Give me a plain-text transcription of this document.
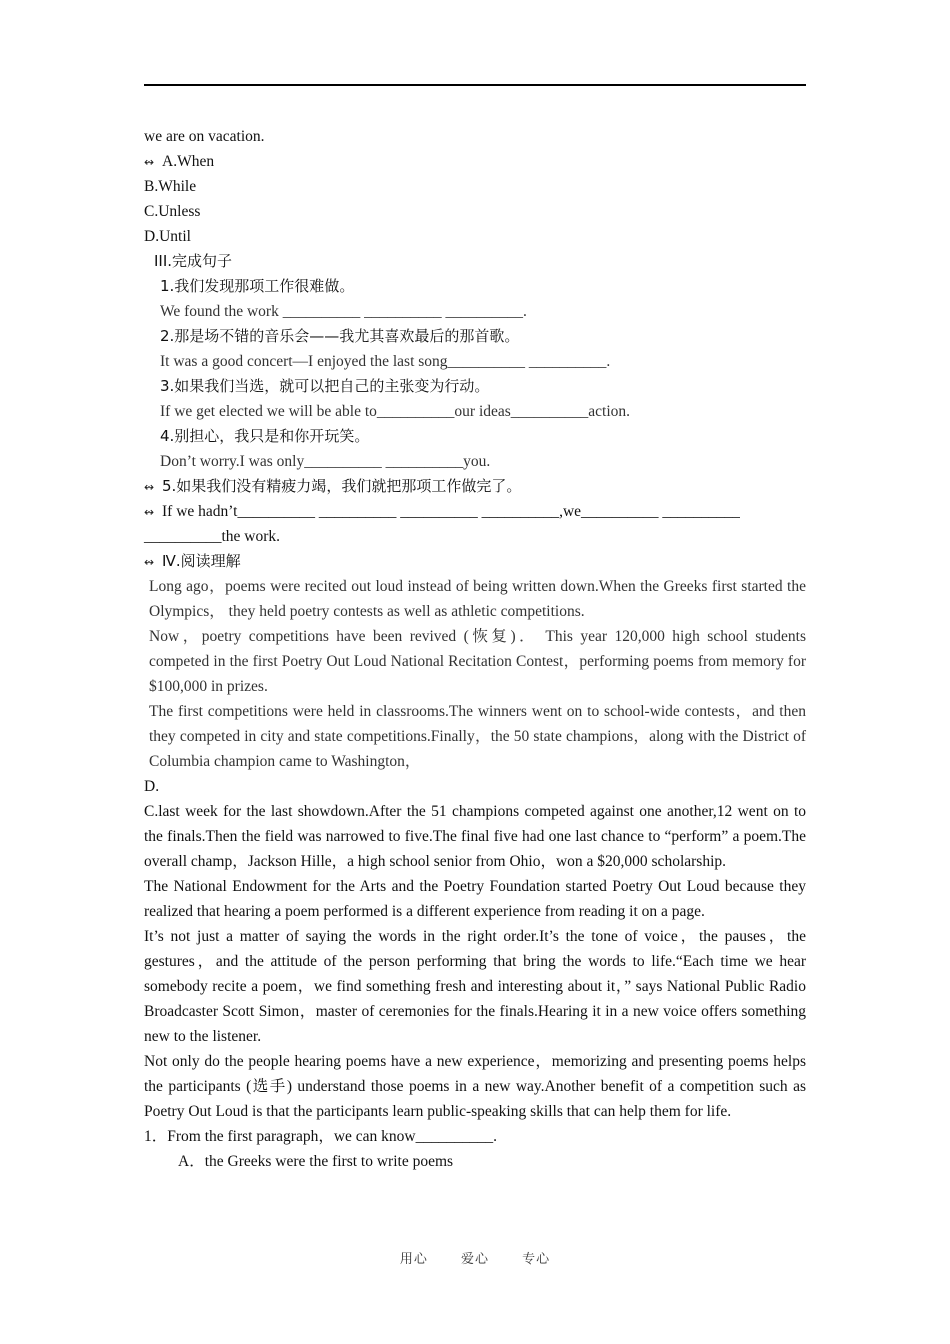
we are on vacation.
↭ A.When
B.While
C.Unless
D.Until
III.完成句子
1.我们发现那项工作很难做。
We found the work __________ __________ __________.
2.那是场不错的音乐会——我尤其喜欢最后的那首歌。
It was a good concert—I enjoyed the last song__________ __________.
3.如果我们当选，就可以把自己的主张变为行动。
If we get elected we will be able to__________our ideas__________action.
4.别担心，我只是和你开玩笑。
Don’t worry.I was only__________ __________you.
↭ 5.如果我们没有精疲力竭，我们就把那项工作做完了。
↭ If we hadn’t__________ __________ __________ __________,we__________ __________
__________the work.
↭ Ⅳ.阅读理解
Long ago，poems were recited out loud instead of being written down.When the Greeks first started the Olympics， they held poetry contests as well as athletic competitions.
Now，poetry competitions have been revived (恢复)． This year 120,000 high school students competed in the first Poetry Out Loud National Recitation Contest，performing poems from memory for $100,000 in prizes.
The first competitions were held in classrooms.The winners went on to school-wide contests，and then they competed in city and state competitions.Finally，the 50 state champions，along with the District of Columbia champion came to Washington，
D.
C.last week for the last showdown.After the 51 champions competed against one another,12 went on to the finals.Then the field was narrowed to five.The final five had one last chance to “perform” a poem.The overall champ，Jackson Hille，a high school senior from Ohio，won a $20,000 scholarship.
The National Endowment for the Arts and the Poetry Foundation started Poetry Out Loud because they realized that hearing a poem performed is a different experience from reading it on a page.
It’s not just a matter of saying the words in the right order.It’s the tone of voice，the pauses，the gestures，and the attitude of the person performing that bring the words to life.“Each time we hear somebody recite a poem，we find something fresh and interesting about it，” says National Public Radio Broadcaster Scott Simon，master of ceremonies for the finals.Hearing it in a new voice offers something new to the listener.
Not only do the people hearing poems have a new experience，memorizing and presenting poems helps the participants (选手) understand those poems in a new way.Another benefit of a competition such as Poetry Out Loud is that the participants learn public-speaking skills that can help them for life.
1．From the first paragraph，we can know__________.
A．the Greeks were the first to write poems
用心	爱心	专心
